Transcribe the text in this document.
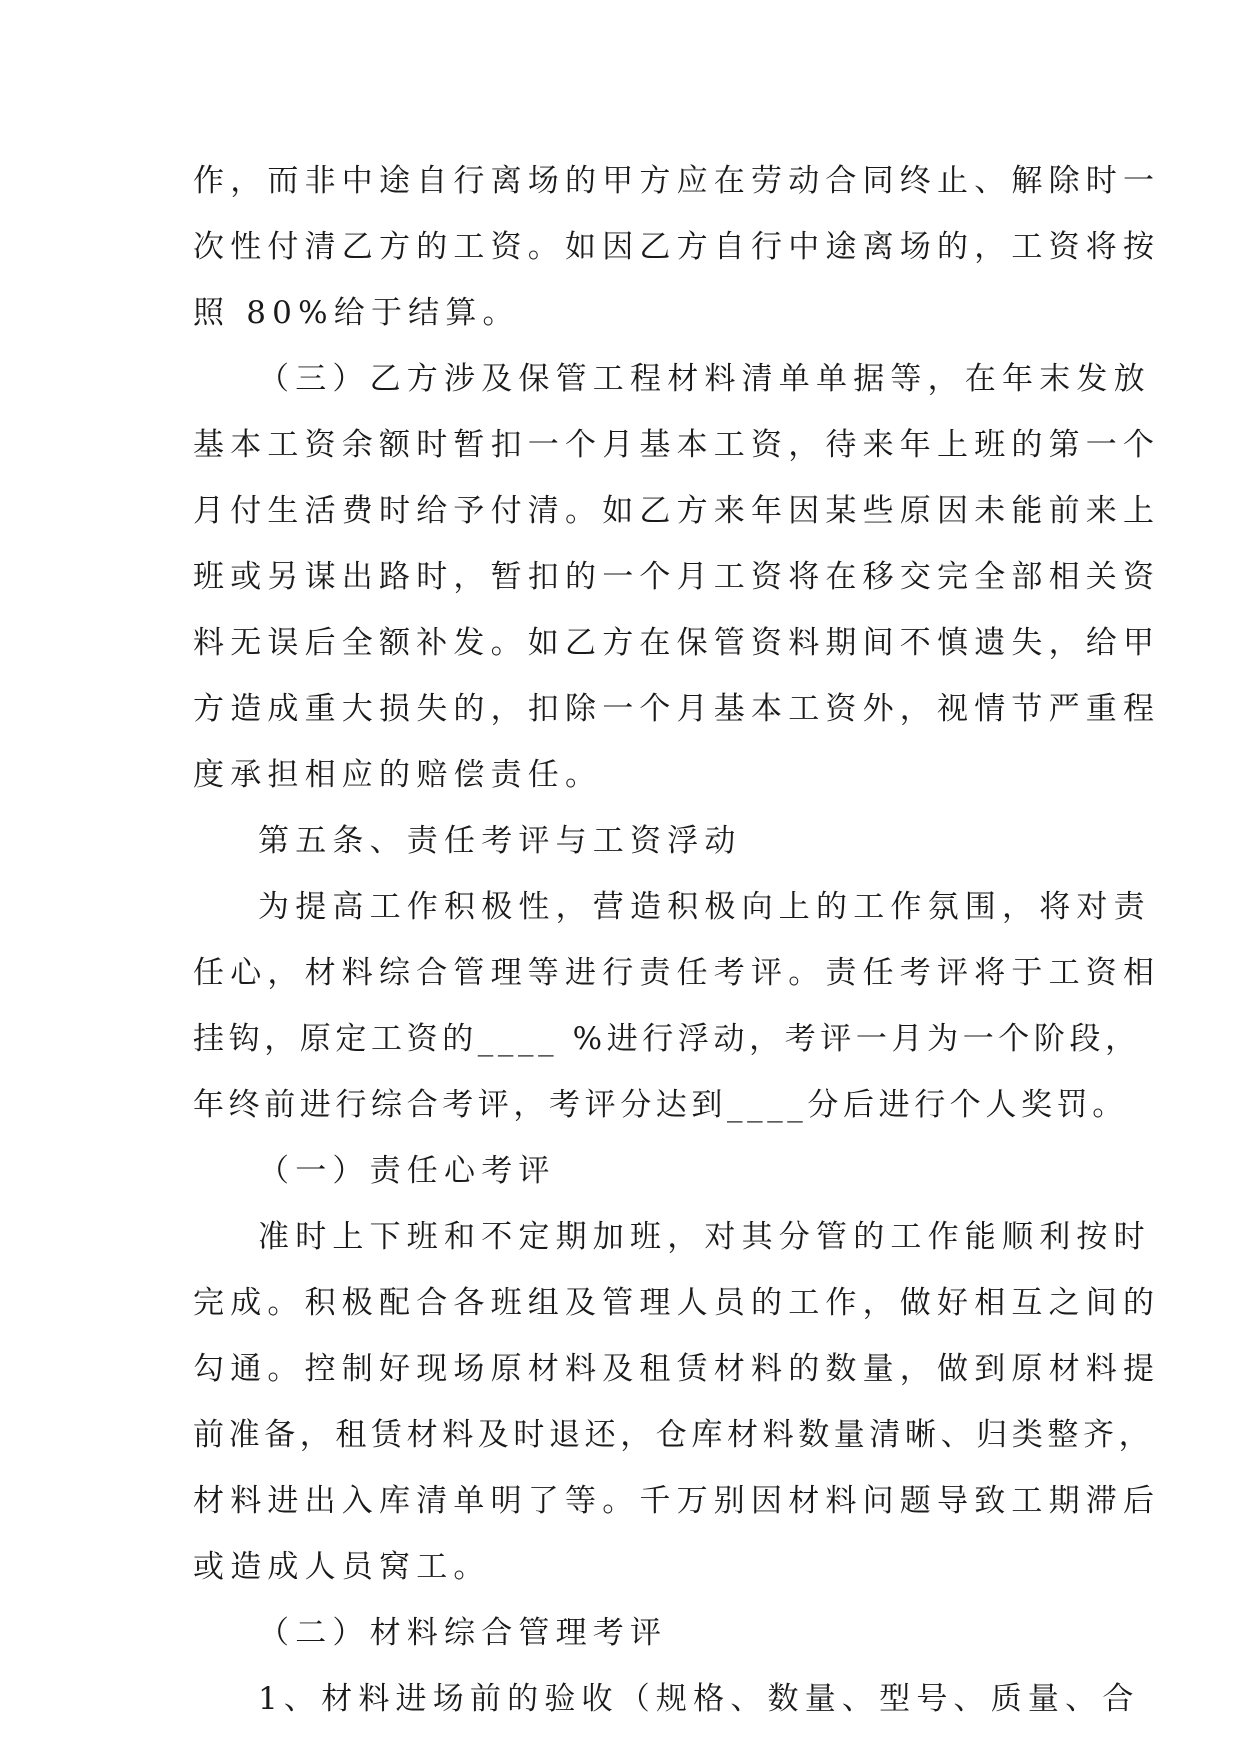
作，而非中途自行离场的甲方应在劳动合同终止、解除时一
次性付清乙方的工资。如因乙方自行中途离场的，工资将按
照 80%给于结算。
（三）乙方涉及保管工程材料清单单据等，在年末发放
基本工资余额时暂扣一个月基本工资，待来年上班的第一个
月付生活费时给予付清。如乙方来年因某些原因未能前来上
班或另谋出路时，暂扣的一个月工资将在移交完全部相关资
料无误后全额补发。如乙方在保管资料期间不慎遗失，给甲
方造成重大损失的，扣除一个月基本工资外，视情节严重程
度承担相应的赔偿责任。
第五条、责任考评与工资浮动
为提高工作积极性，营造积极向上的工作氛围，将对责
任心，材料综合管理等进行责任考评。责任考评将于工资相
挂钩，原定工资的____ %进行浮动，考评一月为一个阶段，
年终前进行综合考评，考评分达到____分后进行个人奖罚。
（一）责任心考评
准时上下班和不定期加班，对其分管的工作能顺利按时
完成。积极配合各班组及管理人员的工作，做好相互之间的
勾通。控制好现场原材料及租赁材料的数量，做到原材料提
前准备，租赁材料及时退还，仓库材料数量清晰、归类整齐，
材料进出入库清单明了等。千万别因材料问题导致工期滞后
或造成人员窝工。
（二）材料综合管理考评
1、材料进场前的验收（规格、数量、型号、质量、合
